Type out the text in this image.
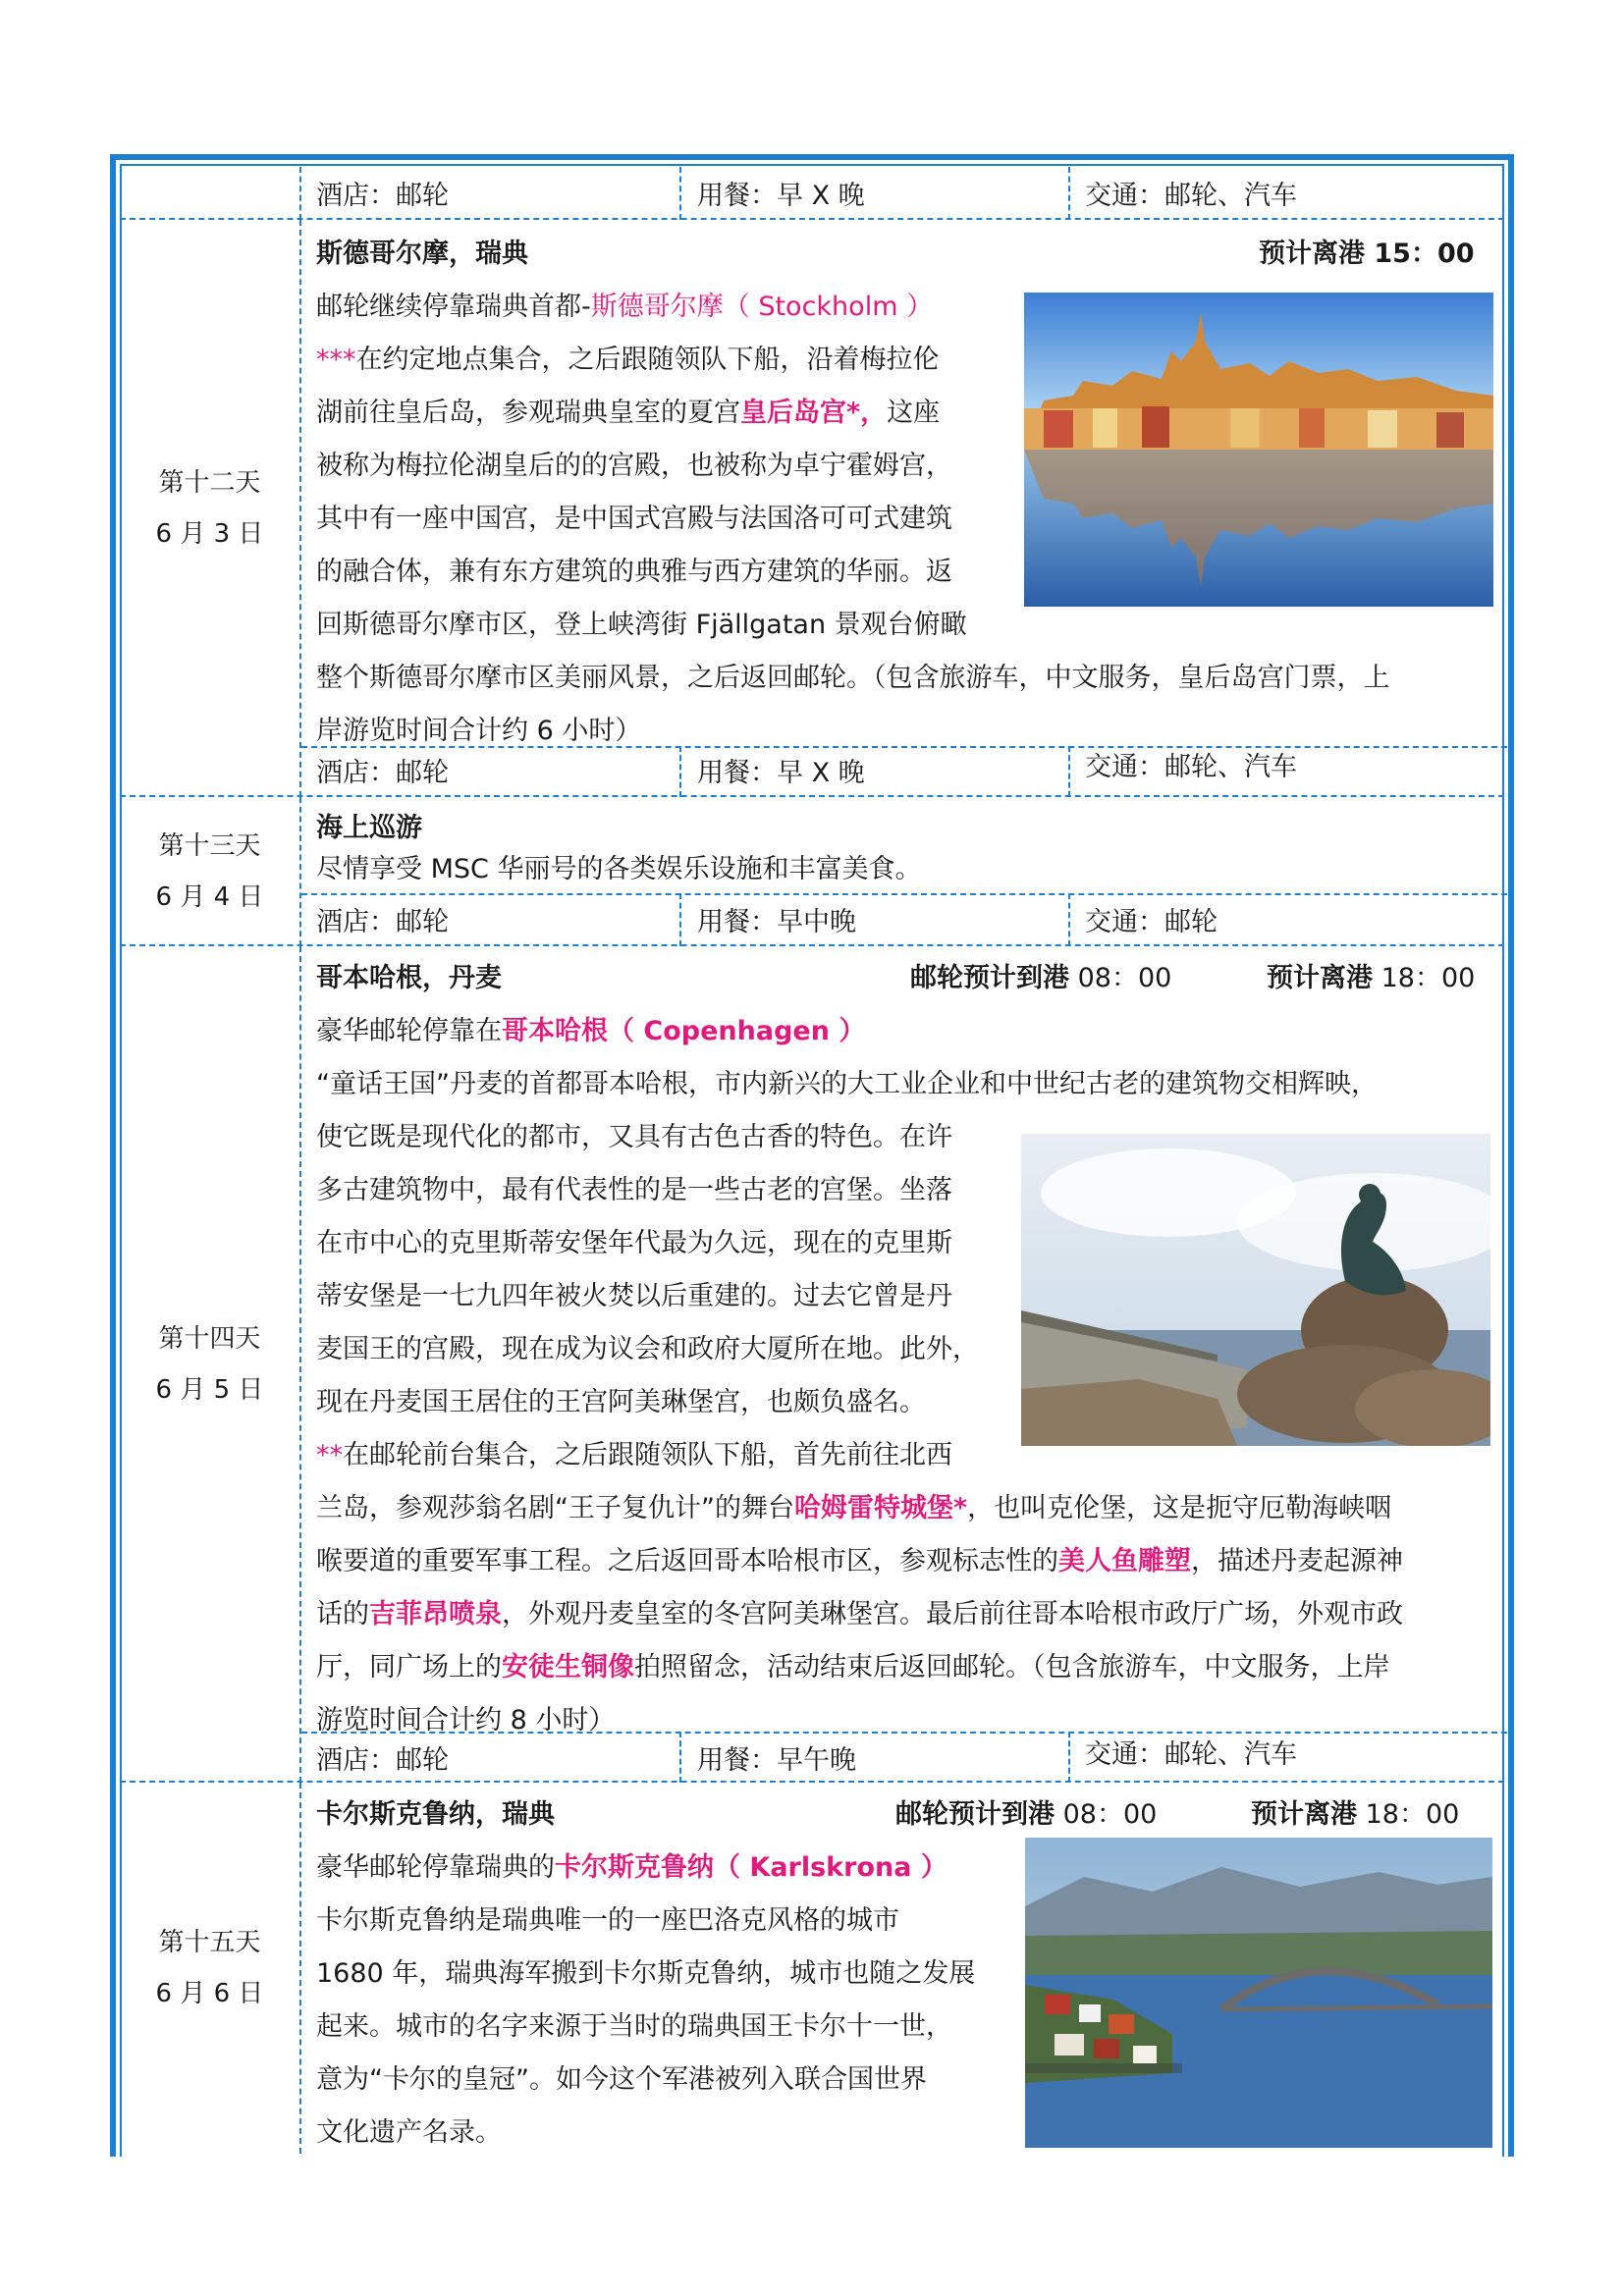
酒店：邮轮	用餐：早 X 晚	交通：邮轮、汽车
第十二天
6 月 3 日
斯德哥尔摩，瑞典	预计离港 15：00
邮轮继续停靠瑞典首都-斯德哥尔摩（ Stockholm ）
***在约定地点集合，之后跟随领队下船，沿着梅拉伦
湖前往皇后岛，参观瑞典皇室的夏宫皇后岛宫*，这座
被称为梅拉伦湖皇后的的宫殿，也被称为卓宁霍姆宫，
其中有一座中国宫，是中国式宫殿与法国洛可可式建筑
的融合体，兼有东方建筑的典雅与西方建筑的华丽。返
回斯德哥尔摩市区，登上峡湾街 Fjällgatan 景观台俯瞰
整个斯德哥尔摩市区美丽风景，之后返回邮轮。（包含旅游车，中文服务，皇后岛宫门票，上
岸游览时间合计约 6 小时）
酒店：邮轮	用餐：早 X 晚	交通：邮轮、汽车
第十三天
6 月 4 日
海上巡游
尽情享受 MSC 华丽号的各类娱乐设施和丰富美食。
酒店：邮轮	用餐：早中晚	交通：邮轮
第十四天
6 月 5 日
哥本哈根，丹麦	邮轮预计到港 08：00	预计离港 18：00
豪华邮轮停靠在哥本哈根（ Copenhagen ）
“童话王国”丹麦的首都哥本哈根，市内新兴的大工业企业和中世纪古老的建筑物交相辉映，
使它既是现代化的都市，又具有古色古香的特色。在许
多古建筑物中，最有代表性的是一些古老的宫堡。坐落
在市中心的克里斯蒂安堡年代最为久远，现在的克里斯
蒂安堡是一七九四年被火焚以后重建的。过去它曾是丹
麦国王的宫殿，现在成为议会和政府大厦所在地。此外，
现在丹麦国王居住的王宫阿美琳堡宫，也颇负盛名。
**在邮轮前台集合，之后跟随领队下船，首先前往北西
兰岛，参观莎翁名剧“王子复仇计”的舞台哈姆雷特城堡*，也叫克伦堡，这是扼守厄勒海峡咽
喉要道的重要军事工程。之后返回哥本哈根市区，参观标志性的美人鱼雕塑，描述丹麦起源神
话的吉菲昂喷泉，外观丹麦皇室的冬宫阿美琳堡宫。最后前往哥本哈根市政厅广场，外观市政
厅，同广场上的安徒生铜像拍照留念，活动结束后返回邮轮。（包含旅游车，中文服务，上岸
游览时间合计约 8 小时）
酒店：邮轮	用餐：早午晚	交通：邮轮、汽车
第十五天
6 月 6 日
卡尔斯克鲁纳，瑞典	邮轮预计到港 08：00	预计离港 18：00
豪华邮轮停靠瑞典的卡尔斯克鲁纳（ Karlskrona ）
卡尔斯克鲁纳是瑞典唯一的一座巴洛克风格的城市
1680 年，瑞典海军搬到卡尔斯克鲁纳，城市也随之发展
起来。城市的名字来源于当时的瑞典国王卡尔十一世，
意为“卡尔的皇冠”。如今这个军港被列入联合国世界
文化遗产名录。
